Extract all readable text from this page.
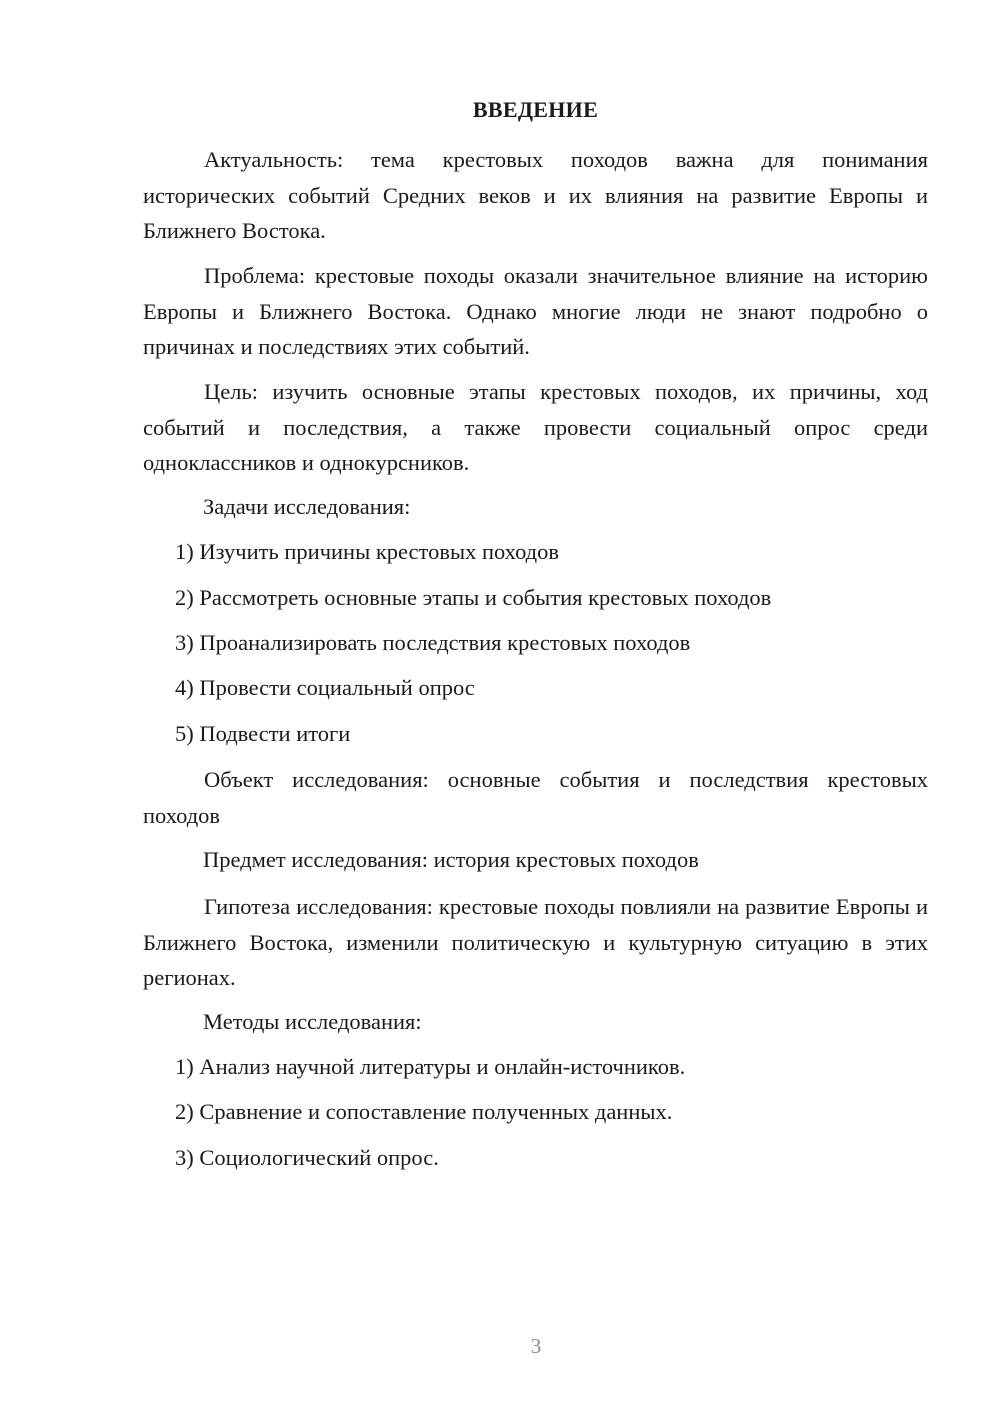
ВВЕДЕНИЕ

Актуальность: тема крестовых походов важна для понимания исторических событий Средних веков и их влияния на развитие Европы и Ближнего Востока.

Проблема: крестовые походы оказали значительное влияние на историю Европы и Ближнего Востока. Однако многие люди не знают подробно о причинах и последствиях этих событий.

Цель: изучить основные этапы крестовых походов, их причины, ход событий и последствия, а также провести социальный опрос среди одноклассников и однокурсников.

Задачи исследования:

1) Изучить причины крестовых походов

2) Рассмотреть основные этапы и события крестовых походов

3) Проанализировать последствия крестовых походов

4) Провести социальный опрос

5) Подвести итоги

Объект исследования: основные события и последствия крестовых походов

Предмет исследования: история крестовых походов

Гипотеза исследования: крестовые походы повлияли на развитие Европы и Ближнего Востока, изменили политическую и культурную ситуацию в этих регионах.

Методы исследования:

1) Анализ научной литературы и онлайн-источников.

2) Сравнение и сопоставление полученных данных.

3) Социологический опрос.

3
